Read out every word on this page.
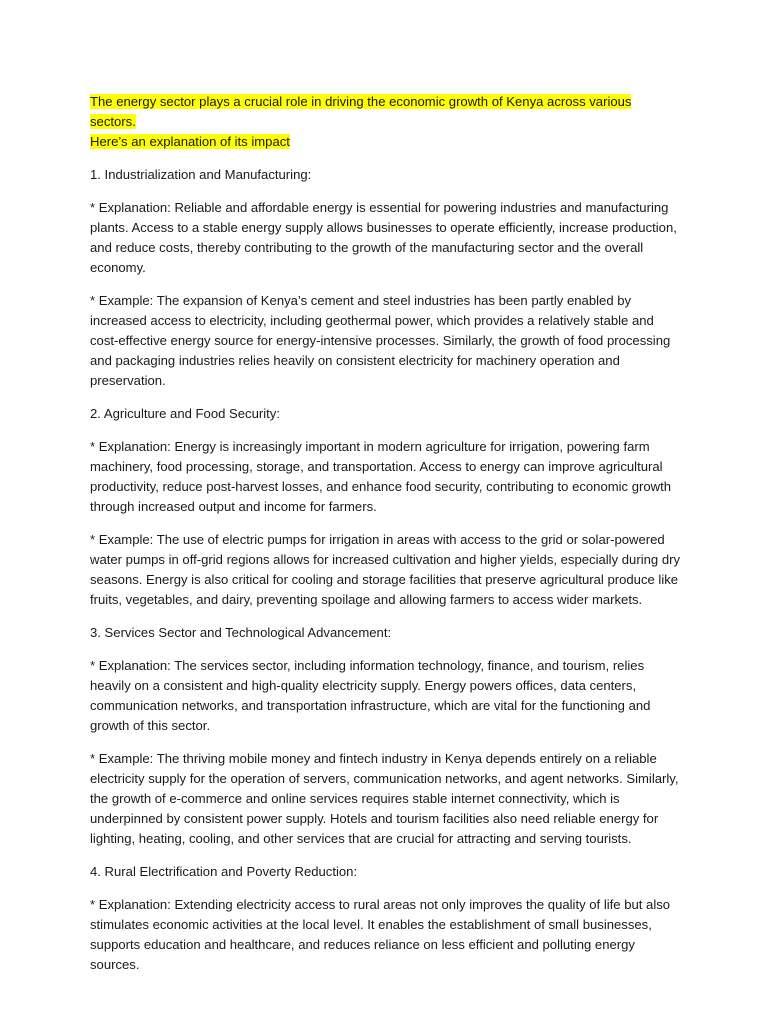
The energy sector plays a crucial role in driving the economic growth of Kenya across various sectors.
Here’s an explanation of its impact

1. Industrialization and Manufacturing:

* Explanation: Reliable and affordable energy is essential for powering industries and manufacturing plants. Access to a stable energy supply allows businesses to operate efficiently, increase production, and reduce costs, thereby contributing to the growth of the manufacturing sector and the overall economy.

* Example: The expansion of Kenya’s cement and steel industries has been partly enabled by increased access to electricity, including geothermal power, which provides a relatively stable and cost-effective energy source for energy-intensive processes. Similarly, the growth of food processing and packaging industries relies heavily on consistent electricity for machinery operation and preservation.

2. Agriculture and Food Security:

* Explanation: Energy is increasingly important in modern agriculture for irrigation, powering farm machinery, food processing, storage, and transportation. Access to energy can improve agricultural productivity, reduce post-harvest losses, and enhance food security, contributing to economic growth through increased output and income for farmers.

* Example: The use of electric pumps for irrigation in areas with access to the grid or solar-powered water pumps in off-grid regions allows for increased cultivation and higher yields, especially during dry seasons. Energy is also critical for cooling and storage facilities that preserve agricultural produce like fruits, vegetables, and dairy, preventing spoilage and allowing farmers to access wider markets.

3. Services Sector and Technological Advancement:

* Explanation: The services sector, including information technology, finance, and tourism, relies heavily on a consistent and high-quality electricity supply. Energy powers offices, data centers, communication networks, and transportation infrastructure, which are vital for the functioning and growth of this sector.

* Example: The thriving mobile money and fintech industry in Kenya depends entirely on a reliable electricity supply for the operation of servers, communication networks, and agent networks. Similarly, the growth of e-commerce and online services requires stable internet connectivity, which is underpinned by consistent power supply. Hotels and tourism facilities also need reliable energy for lighting, heating, cooling, and other services that are crucial for attracting and serving tourists.

4. Rural Electrification and Poverty Reduction:

* Explanation: Extending electricity access to rural areas not only improves the quality of life but also stimulates economic activities at the local level. It enables the establishment of small businesses, supports education and healthcare, and reduces reliance on less efficient and polluting energy sources.
